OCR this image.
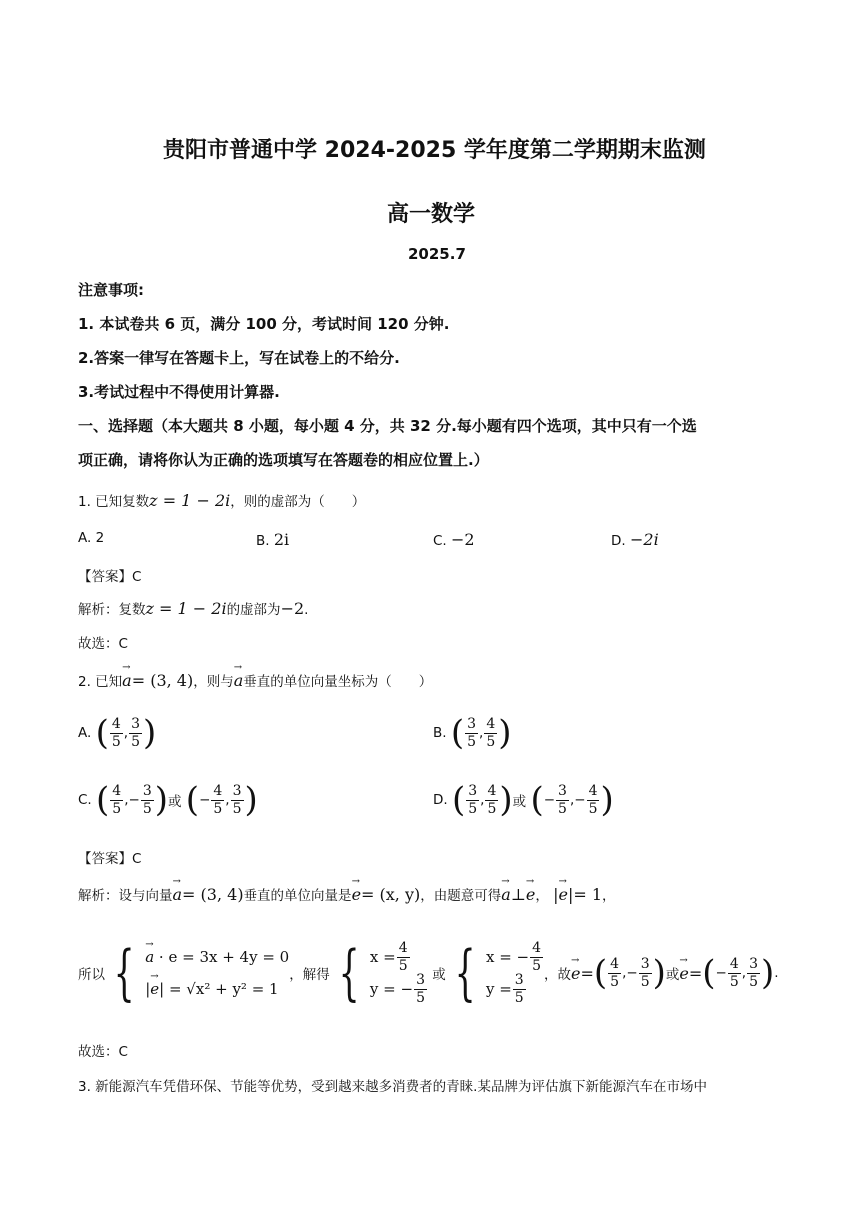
贵阳市普通中学 2024-2025 学年度第二学期期末监测
高一数学
2025.7
注意事项:
1. 本试卷共 6 页，满分 100 分，考试时间 120 分钟.
2.答案一律写在答题卡上，写在试卷上的不给分.
3.考试过程中不得使用计算器.
一、选择题（本大题共 8 小题，每小题 4 分，共 32 分.每小题有四个选项，其中只有一个选
项正确，请将你认为正确的选项填写在答题卷的相应位置上.）
1. 已知复数z = 1 − 2i，则的虚部为（　　）
A. 2	B. 2i	C. −2	D. −2i
【答案】C
解析：复数z = 1 − 2i的虚部为−2.
故选：C
2. 已知→ a= (3, 4)，则与→ a垂直的单位向量坐标为（　　）
A.
( $\frac{4}{5}$ , $\frac{3}{5}$ )	B.
( $\frac{3}{5}$ , $\frac{4}{5}$ )
C.
( $\frac{4}{5}$ ,− $\frac{3}{5}$ ) 或
( − $\frac{4}{5}$ , $\frac{3}{5}$ )	D.
( $\frac{3}{5}$ , $\frac{4}{5}$ ) 或
( − $\frac{3}{5}$ ,− $\frac{4}{5}$ )
【答案】C
解析：设与向量→ a= (3, 4)垂直的单位向量是→ e= (x, y)，由题意可得→ a⊥→ e， |→ e|= 1，
所以 { → a
· e = 3x + 4y = 0
| → e | = √x² + y² = 1
，解得 { $x = \frac{4}{5}$
y = − $\frac{3}{5}$
或 { x = − $\frac{4}{5}$
$y = \frac{3}{5}$ ，故 → e = ( $\frac{4}{5}$ ,− $\frac{3}{5}$ ) 或 → e = ( − $\frac{4}{5}$ , $\frac{3}{5}$ ) .
故选：C
3. 新能源汽车凭借环保、节能等优势，受到越来越多消费者的青睐.某品牌为评估旗下新能源汽车在市场中
